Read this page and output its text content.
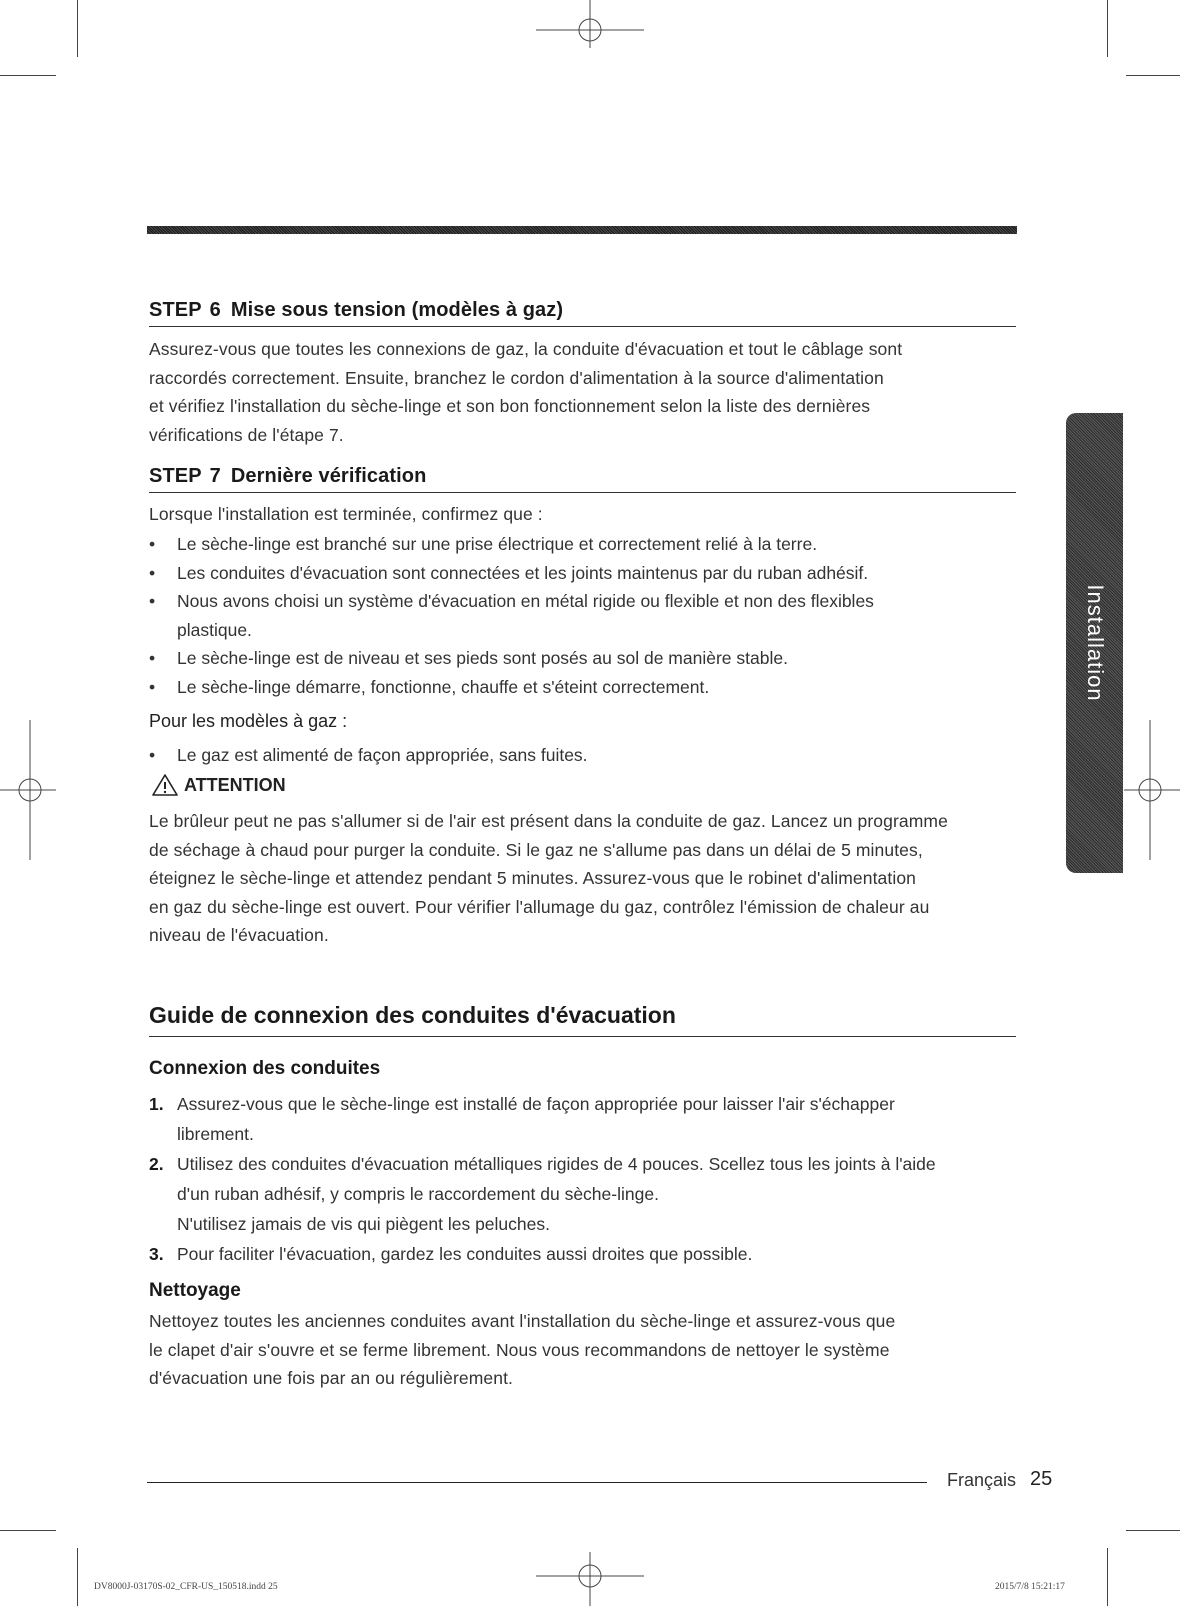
STEP 6 Mise sous tension (modèles à gaz)
Assurez-vous que toutes les connexions de gaz, la conduite d'évacuation et tout le câblage sont
raccordés correctement. Ensuite, branchez le cordon d'alimentation à la source d'alimentation
et vérifiez l'installation du sèche-linge et son bon fonctionnement selon la liste des dernières
vérifications de l'étape 7.
STEP 7 Dernière vérification
Lorsque l'installation est terminée, confirmez que :
•	Le sèche-linge est branché sur une prise électrique et correctement relié à la terre.
•	Les conduites d'évacuation sont connectées et les joints maintenus par du ruban adhésif.
•	Nous avons choisi un système d'évacuation en métal rigide ou flexible et non des flexibles
plastique.
•	Le sèche-linge est de niveau et ses pieds sont posés au sol de manière stable.
•	Le sèche-linge démarre, fonctionne, chauffe et s'éteint correctement.
Pour les modèles à gaz :
•	Le gaz est alimenté de façon appropriée, sans fuites.
ATTENTION
Le brûleur peut ne pas s'allumer si de l'air est présent dans la conduite de gaz. Lancez un programme
de séchage à chaud pour purger la conduite. Si le gaz ne s'allume pas dans un délai de 5 minutes,
éteignez le sèche-linge et attendez pendant 5 minutes. Assurez-vous que le robinet d'alimentation
en gaz du sèche-linge est ouvert. Pour vérifier l'allumage du gaz, contrôlez l'émission de chaleur au
niveau de l'évacuation.
Guide de connexion des conduites d'évacuation
Connexion des conduites
1. Assurez-vous que le sèche-linge est installé de façon appropriée pour laisser l'air s'échapper
librement.
2. Utilisez des conduites d'évacuation métalliques rigides de 4 pouces. Scellez tous les joints à l'aide
d'un ruban adhésif, y compris le raccordement du sèche-linge.
N'utilisez jamais de vis qui piègent les peluches.
3. Pour faciliter l'évacuation, gardez les conduites aussi droites que possible.
Nettoyage
Nettoyez toutes les anciennes conduites avant l'installation du sèche-linge et assurez-vous que
le clapet d'air s'ouvre et se ferme librement. Nous vous recommandons de nettoyer le système
d'évacuation une fois par an ou régulièrement.
Installation
Français 25
DV8000J-03170S-02_CFR-US_150518.indd 25	2015/7/8 15:21:17
